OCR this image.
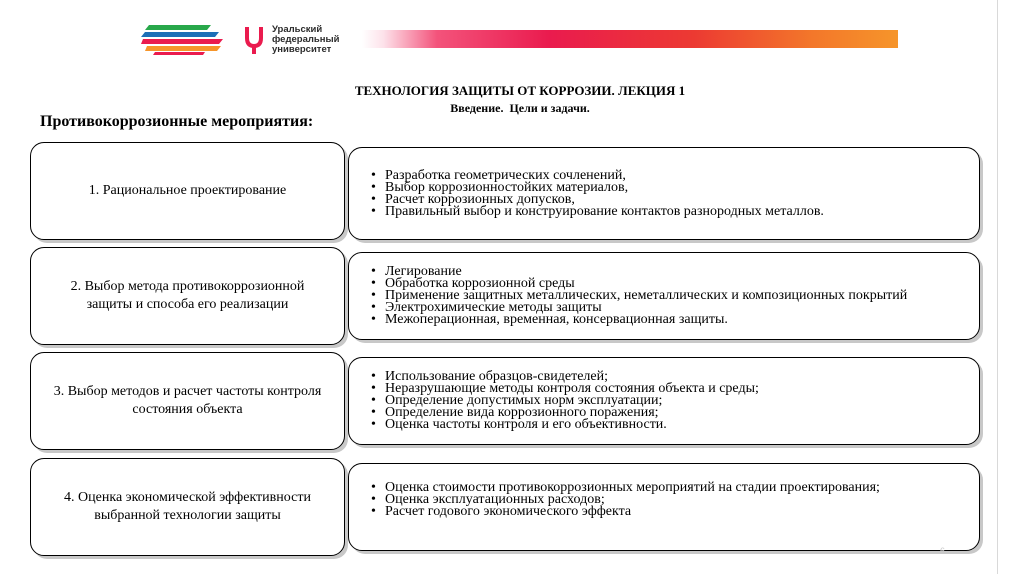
Уральский
федеральный
университет
ТЕХНОЛОГИЯ ЗАЩИТЫ ОТ КОРРОЗИИ. ЛЕКЦИЯ 1
Введение.  Цели и задачи.
Противокоррозионные мероприятия:
1. Рациональное проектирование
• Разработка геометрических сочленений,
• Выбор коррозионностойких материалов,
• Расчет коррозионных допусков,
• Правильный выбор и конструирование контактов разнородных металлов.
2. Выбор метода противокоррозионной защиты и способа его реализации
• Легирование
• Обработка коррозионной среды
• Применение защитных металлических, неметаллических и композиционных покрытий
• Электрохимические методы защиты
• Межоперационная, временная, консервационная защиты.
3. Выбор методов и расчет частоты контроля состояния объекта
• Использование образцов-свидетелей;
• Неразрушающие методы контроля состояния объекта и среды;
• Определение допустимых норм эксплуатации;
• Определение вида коррозионного поражения;
• Оценка частоты контроля и его объективности.
4. Оценка экономической эффективности выбранной технологии защиты
• Оценка стоимости противокоррозионных мероприятий на стадии проектирования;
• Оценка эксплуатационных расходов;
• Расчет годового экономического эффекта
6
